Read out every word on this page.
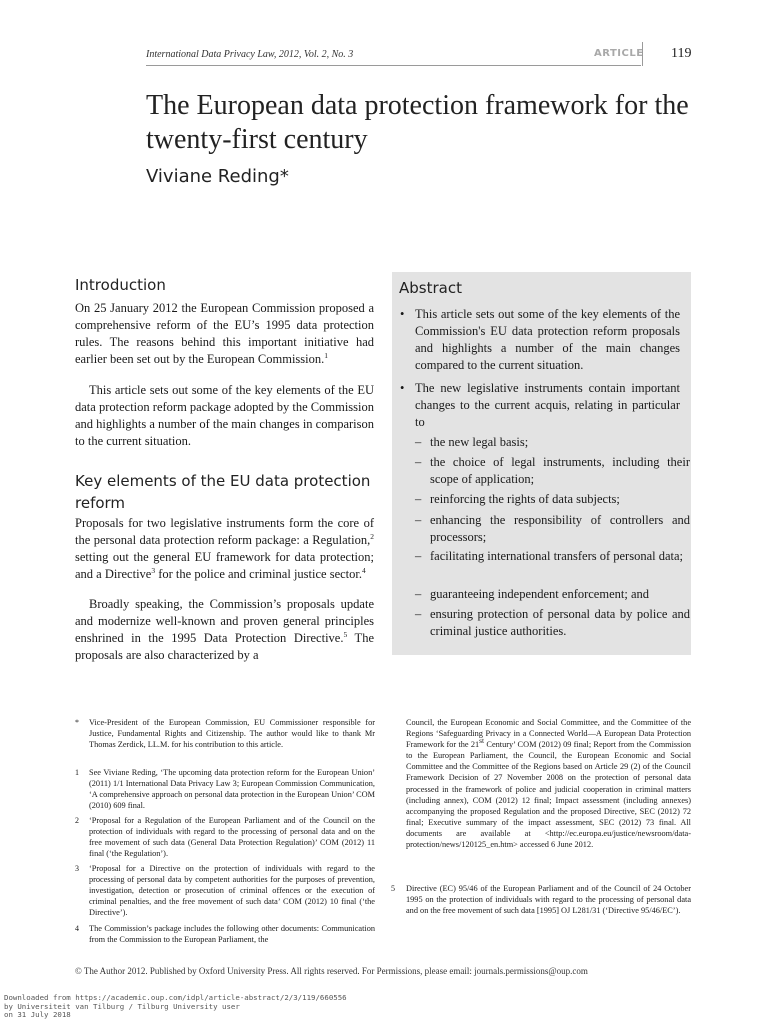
International Data Privacy Law, 2012, Vol. 2, No. 3	ARTICLE 119
The European data protection framework for the twenty-first century
Viviane Reding*
Introduction
On 25 January 2012 the European Commission proposed a comprehensive reform of the EU’s 1995 data protection rules. The reasons behind this important initiative had earlier been set out by the European Commission.$^1$
This article sets out some of the key elements of the EU data protection reform package adopted by the Commission and highlights a number of the main changes in comparison to the current situation.
Key elements of the EU data protection reform
Proposals for two legislative instruments form the core of the personal data protection reform package: a Regulation,$^2$ setting out the general EU framework for data protection; and a Directive$^3$ for the police and criminal justice sector.$^4$
Broadly speaking, the Commission’s proposals update and modernize well-known and proven general principles enshrined in the 1995 Data Protection Directive.$^5$ The proposals are also characterized by a
Abstract
• This article sets out some of the key elements of the Commission's EU data protection reform proposals and highlights a number of the main changes compared to the current situation.
• The new legislative instruments contain important changes to the current acquis, relating in particular to
– the new legal basis;
– the choice of legal instruments, including their scope of application;
– reinforcing the rights of data subjects;
– enhancing the responsibility of controllers and processors;
– facilitating international transfers of personal data;
– guaranteeing independent enforcement; and
– ensuring protection of personal data by police and criminal justice authorities.
* Vice-President of the European Commission, EU Commissioner responsible for Justice, Fundamental Rights and Citizenship. The author would like to thank Mr Thomas Zerdick, LL.M. for his contribution to this article.
1 See Viviane Reding, ‘The upcoming data protection reform for the European Union’ (2011) 1/1 International Data Privacy Law 3; European Commission Communication, ‘A comprehensive approach on personal data protection in the European Union’ COM (2010) 609 final.
2 ‘Proposal for a Regulation of the European Parliament and of the Council on the protection of individuals with regard to the processing of personal data and on the free movement of such data (General Data Protection Regulation)’ COM (2012) 11 final (‘the Regulation’).
3 ‘Proposal for a Directive on the protection of individuals with regard to the processing of personal data by competent authorities for the purposes of prevention, investigation, detection or prosecution of criminal offences or the execution of criminal penalties, and the free movement of such data’ COM (2012) 10 final (‘the Directive’).
4 The Commission’s package includes the following other documents: Communication from the Commission to the European Parliament, the
Council, the European Economic and Social Committee, and the Committee of the Regions ‘Safeguarding Privacy in a Connected World—A European Data Protection Framework for the 21st Century’ COM (2012) 09 final; Report from the Commission to the European Parliament, the Council, the European Economic and Social Committee and the Committee of the Regions based on Article 29 (2) of the Council Framework Decision of 27 November 2008 on the protection of personal data processed in the framework of police and judicial cooperation in criminal matters (including annex), COM (2012) 12 final; Impact assessment (including annexes) accompanying the proposed Regulation and the proposed Directive, SEC (2012) 72 final; Executive summary of the impact assessment, SEC (2012) 73 final. All documents are available at <http://ec.europa.eu/justice/newsroom/data-protection/news/120125_en.htm> accessed 6 June 2012.
5 Directive (EC) 95/46 of the European Parliament and of the Council of 24 October 1995 on the protection of individuals with regard to the processing of personal data and on the free movement of such data [1995] OJ L281/31 (‘Directive 95/46/EC’).
© The Author 2012. Published by Oxford University Press. All rights reserved. For Permissions, please email: journals.permissions@oup.com
Downloaded from https://academic.oup.com/idpl/article-abstract/2/3/119/660556
by Universiteit van Tilburg / Tilburg University user
on 31 July 2018
